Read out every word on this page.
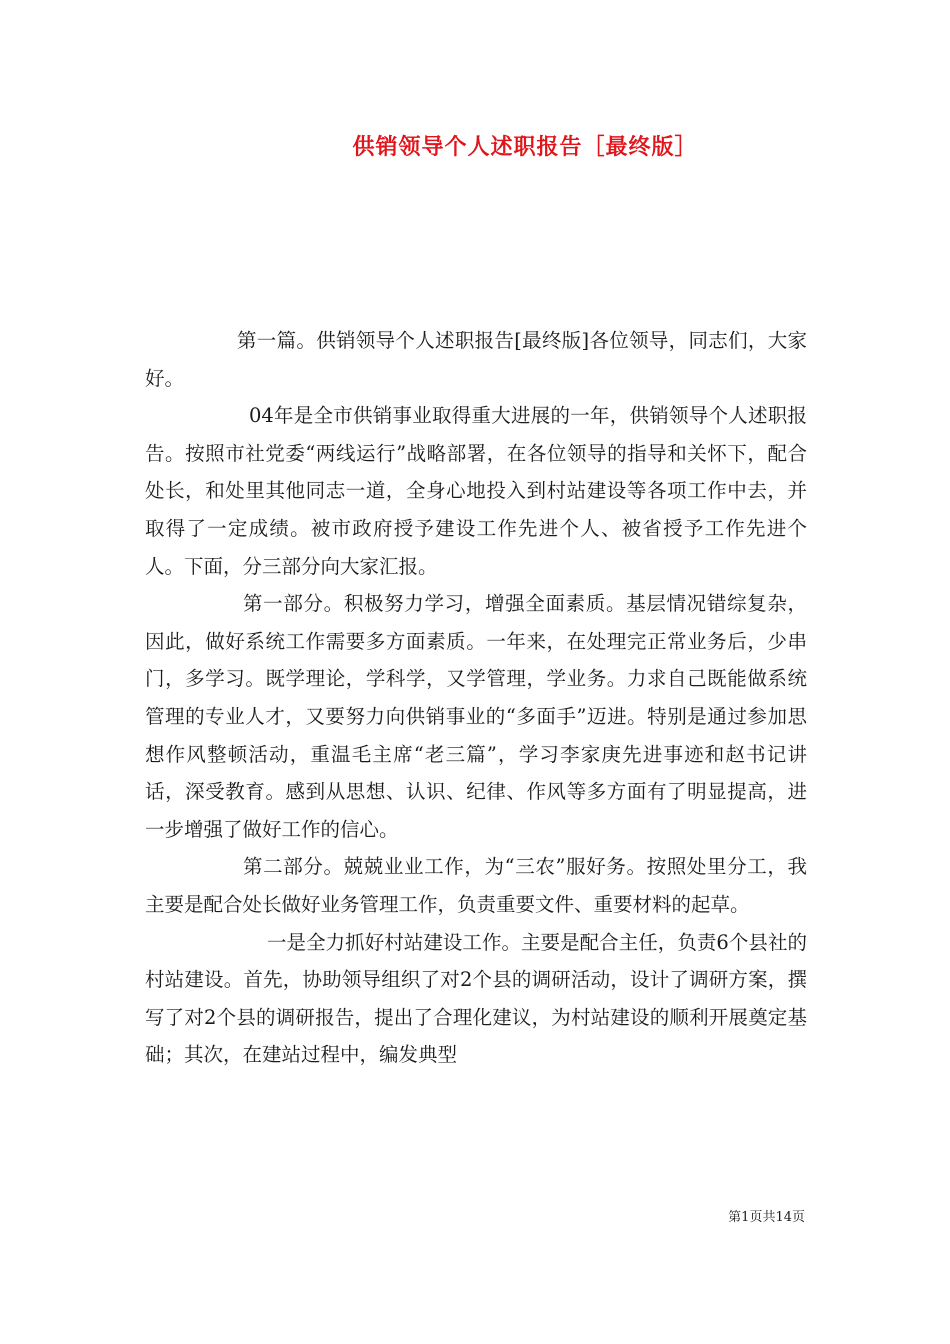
供销领导个人述职报告［最终版］

第一篇。供销领导个人述职报告[最终版]各位领导，同志们，大家好。

04年是全市供销事业取得重大进展的一年，供销领导个人述职报告。按照市社党委“两线运行”战略部署，在各位领导的指导和关怀下，配合处长，和处里其他同志一道，全身心地投入到村站建设等各项工作中去，并取得了一定成绩。被市政府授予建设工作先进个人、被省授予工作先进个人。下面，分三部分向大家汇报。

第一部分。积极努力学习，增强全面素质。基层情况错综复杂，因此，做好系统工作需要多方面素质。一年来，在处理完正常业务后，少串门，多学习。既学理论，学科学，又学管理，学业务。力求自己既能做系统管理的专业人才，又要努力向供销事业的“多面手”迈进。特别是通过参加思想作风整顿活动，重温毛主席“老三篇”，学习李家庚先进事迹和赵书记讲话，深受教育。感到从思想、认识、纪律、作风等多方面有了明显提高，进一步增强了做好工作的信心。

第二部分。兢兢业业工作，为“三农”服好务。按照处里分工，我主要是配合处长做好业务管理工作，负责重要文件、重要材料的起草。

一是全力抓好村站建设工作。主要是配合主任，负责6个县社的村站建设。首先，协助领导组织了对2个县的调研活动，设计了调研方案，撰写了对2个县的调研报告，提出了合理化建议，为村站建设的顺利开展奠定基础；其次，在建站过程中，编发典型

第1页共14页
